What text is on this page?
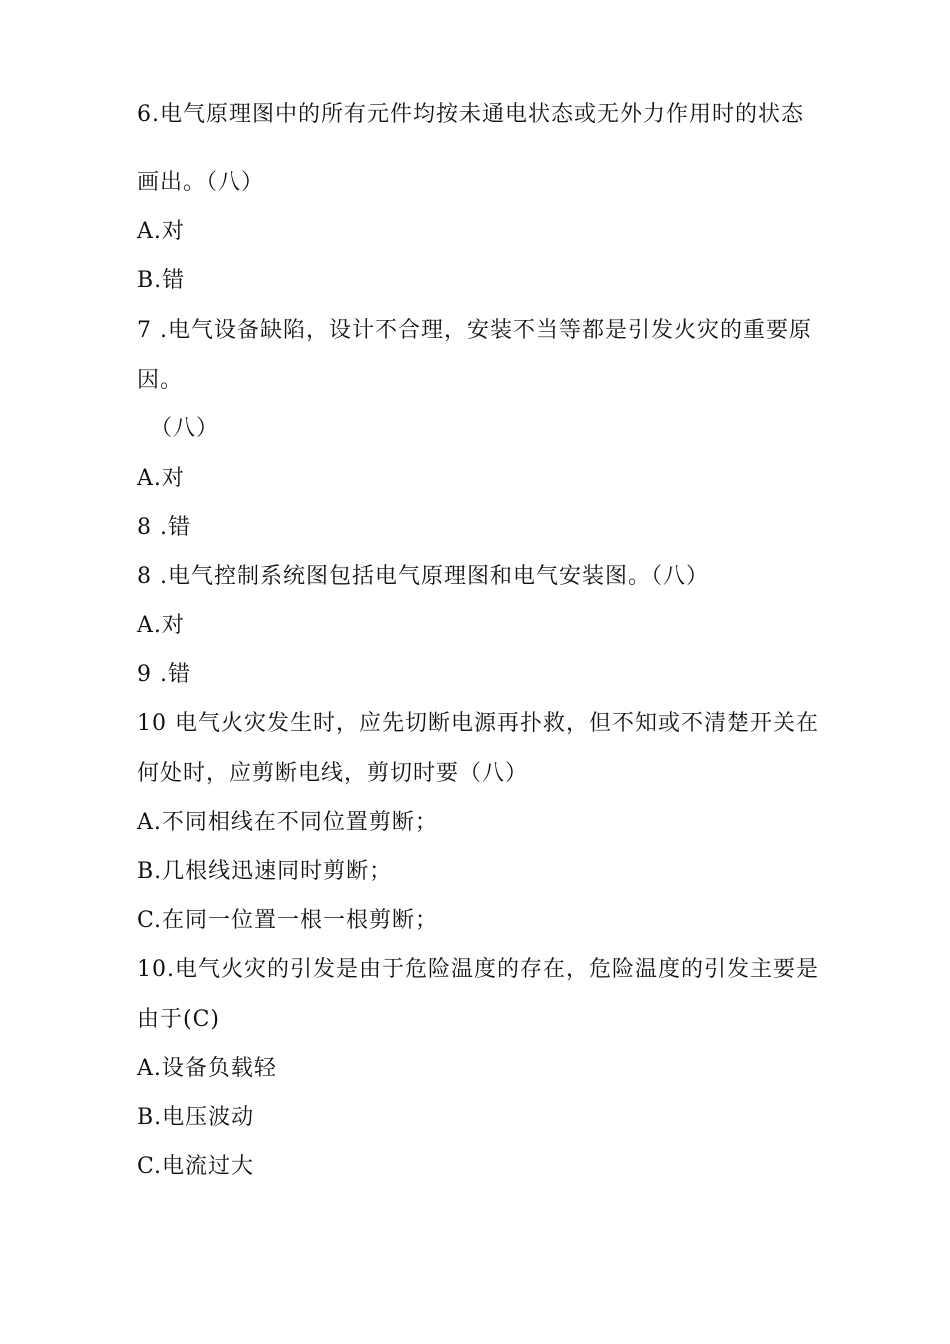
6.电气原理图中的所有元件均按未通电状态或无外力作用时的状态
画出。（八）
A.对
B.错
7 .电气设备缺陷，设计不合理，安装不当等都是引发火灾的重要原
因。
（八）
A.对
8 .错
8 .电气控制系统图包括电气原理图和电气安装图。（八）
A.对
9 .错
10 电气火灾发生时，应先切断电源再扑救，但不知或不清楚开关在
何处时，应剪断电线，剪切时要（八）
A.不同相线在不同位置剪断；
B.几根线迅速同时剪断；
C.在同一位置一根一根剪断；
10.电气火灾的引发是由于危险温度的存在，危险温度的引发主要是
由于(C)
A.设备负载轻
B.电压波动
C.电流过大
